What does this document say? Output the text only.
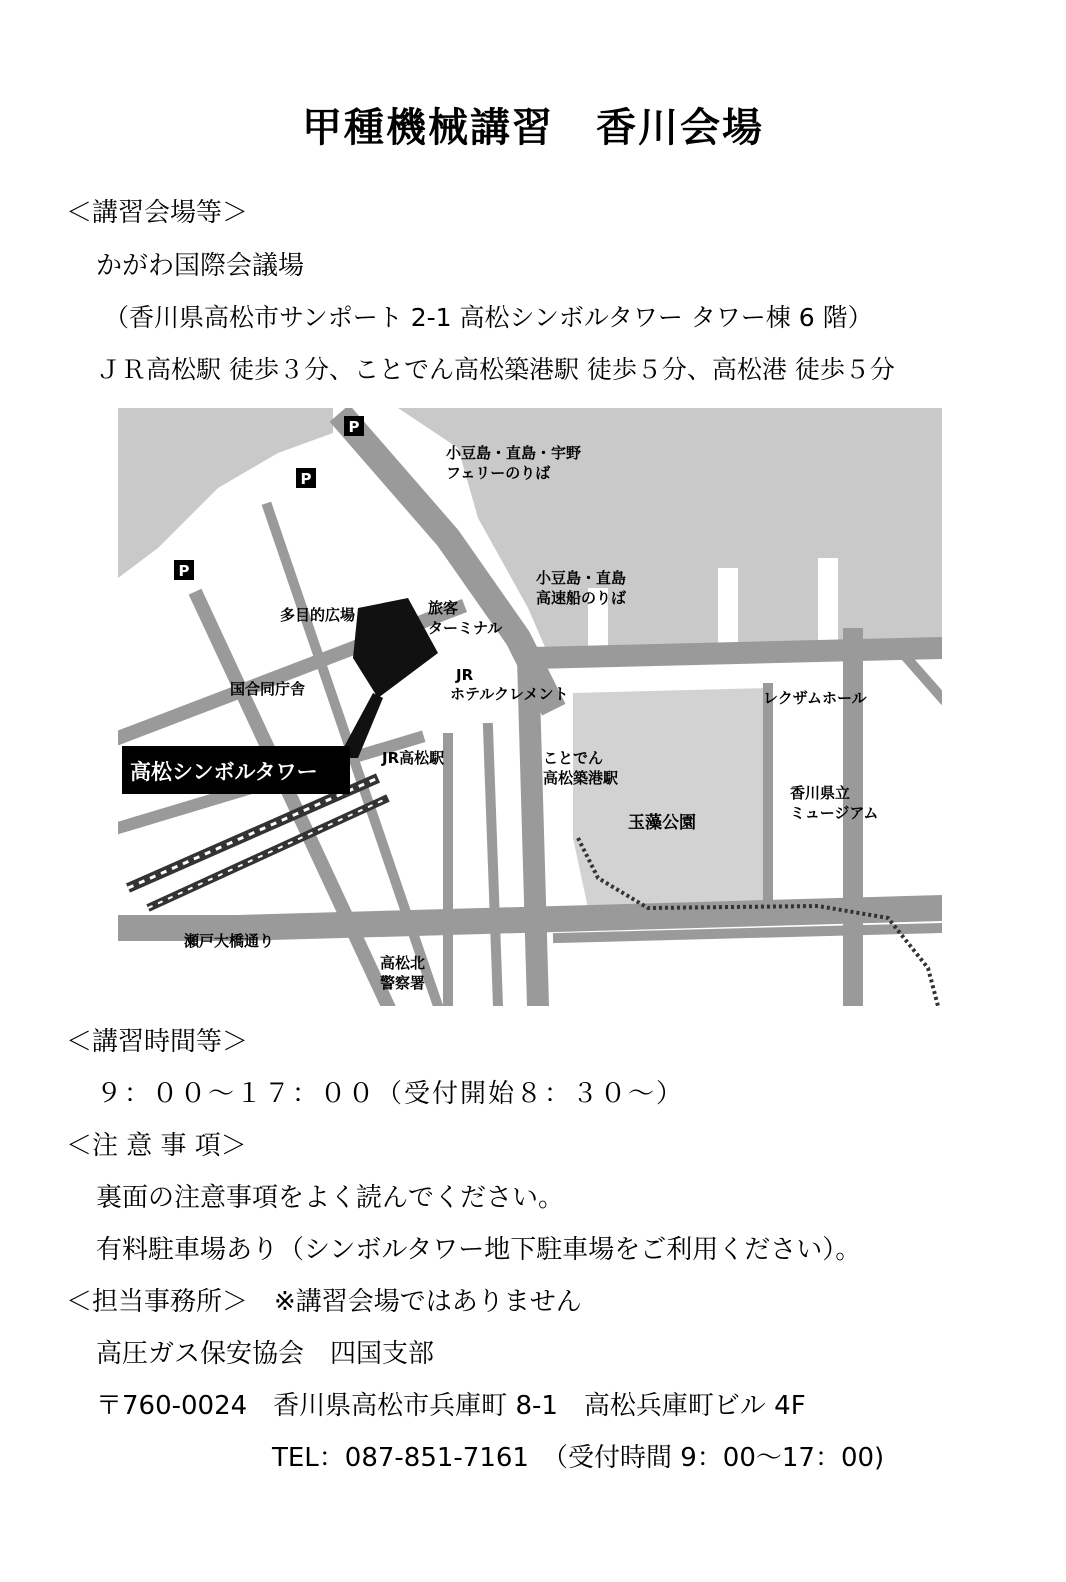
甲種機械講習　香川会場
＜講習会場等＞
かがわ国際会議場
（香川県高松市サンポート 2-1 高松シンボルタワー タワー棟 6 階）
ＪＲ高松駅 徒歩３分、ことでん高松築港駅 徒歩５分、高松港 徒歩５分
P
P
P
小豆島・直島・宇野
フェリーのりば
小豆島・直島
高速船のりば
多目的広場	旅客
ターミナル
JR
ホテルクレメント
国合同庁舎	レクザムホール
JR高松駅	ことでん
高松築港駅
玉藻公園
香川県立
ミュージアム
瀬戸大橋通り
高松北
警察署
高松シンボルタワー
＜講習時間等＞
９：００～１７：００（受付開始８：３０～）
＜注 意 事 項＞
裏面の注意事項をよく読んでください。
有料駐車場あり（シンボルタワー地下駐車場をご利用ください）。
＜担当事務所＞　※講習会場ではありません
高圧ガス保安協会　四国支部
〒760-0024　香川県高松市兵庫町 8-1　高松兵庫町ビル 4F
TEL：087-851-7161　（受付時間 9：00～17：00)
